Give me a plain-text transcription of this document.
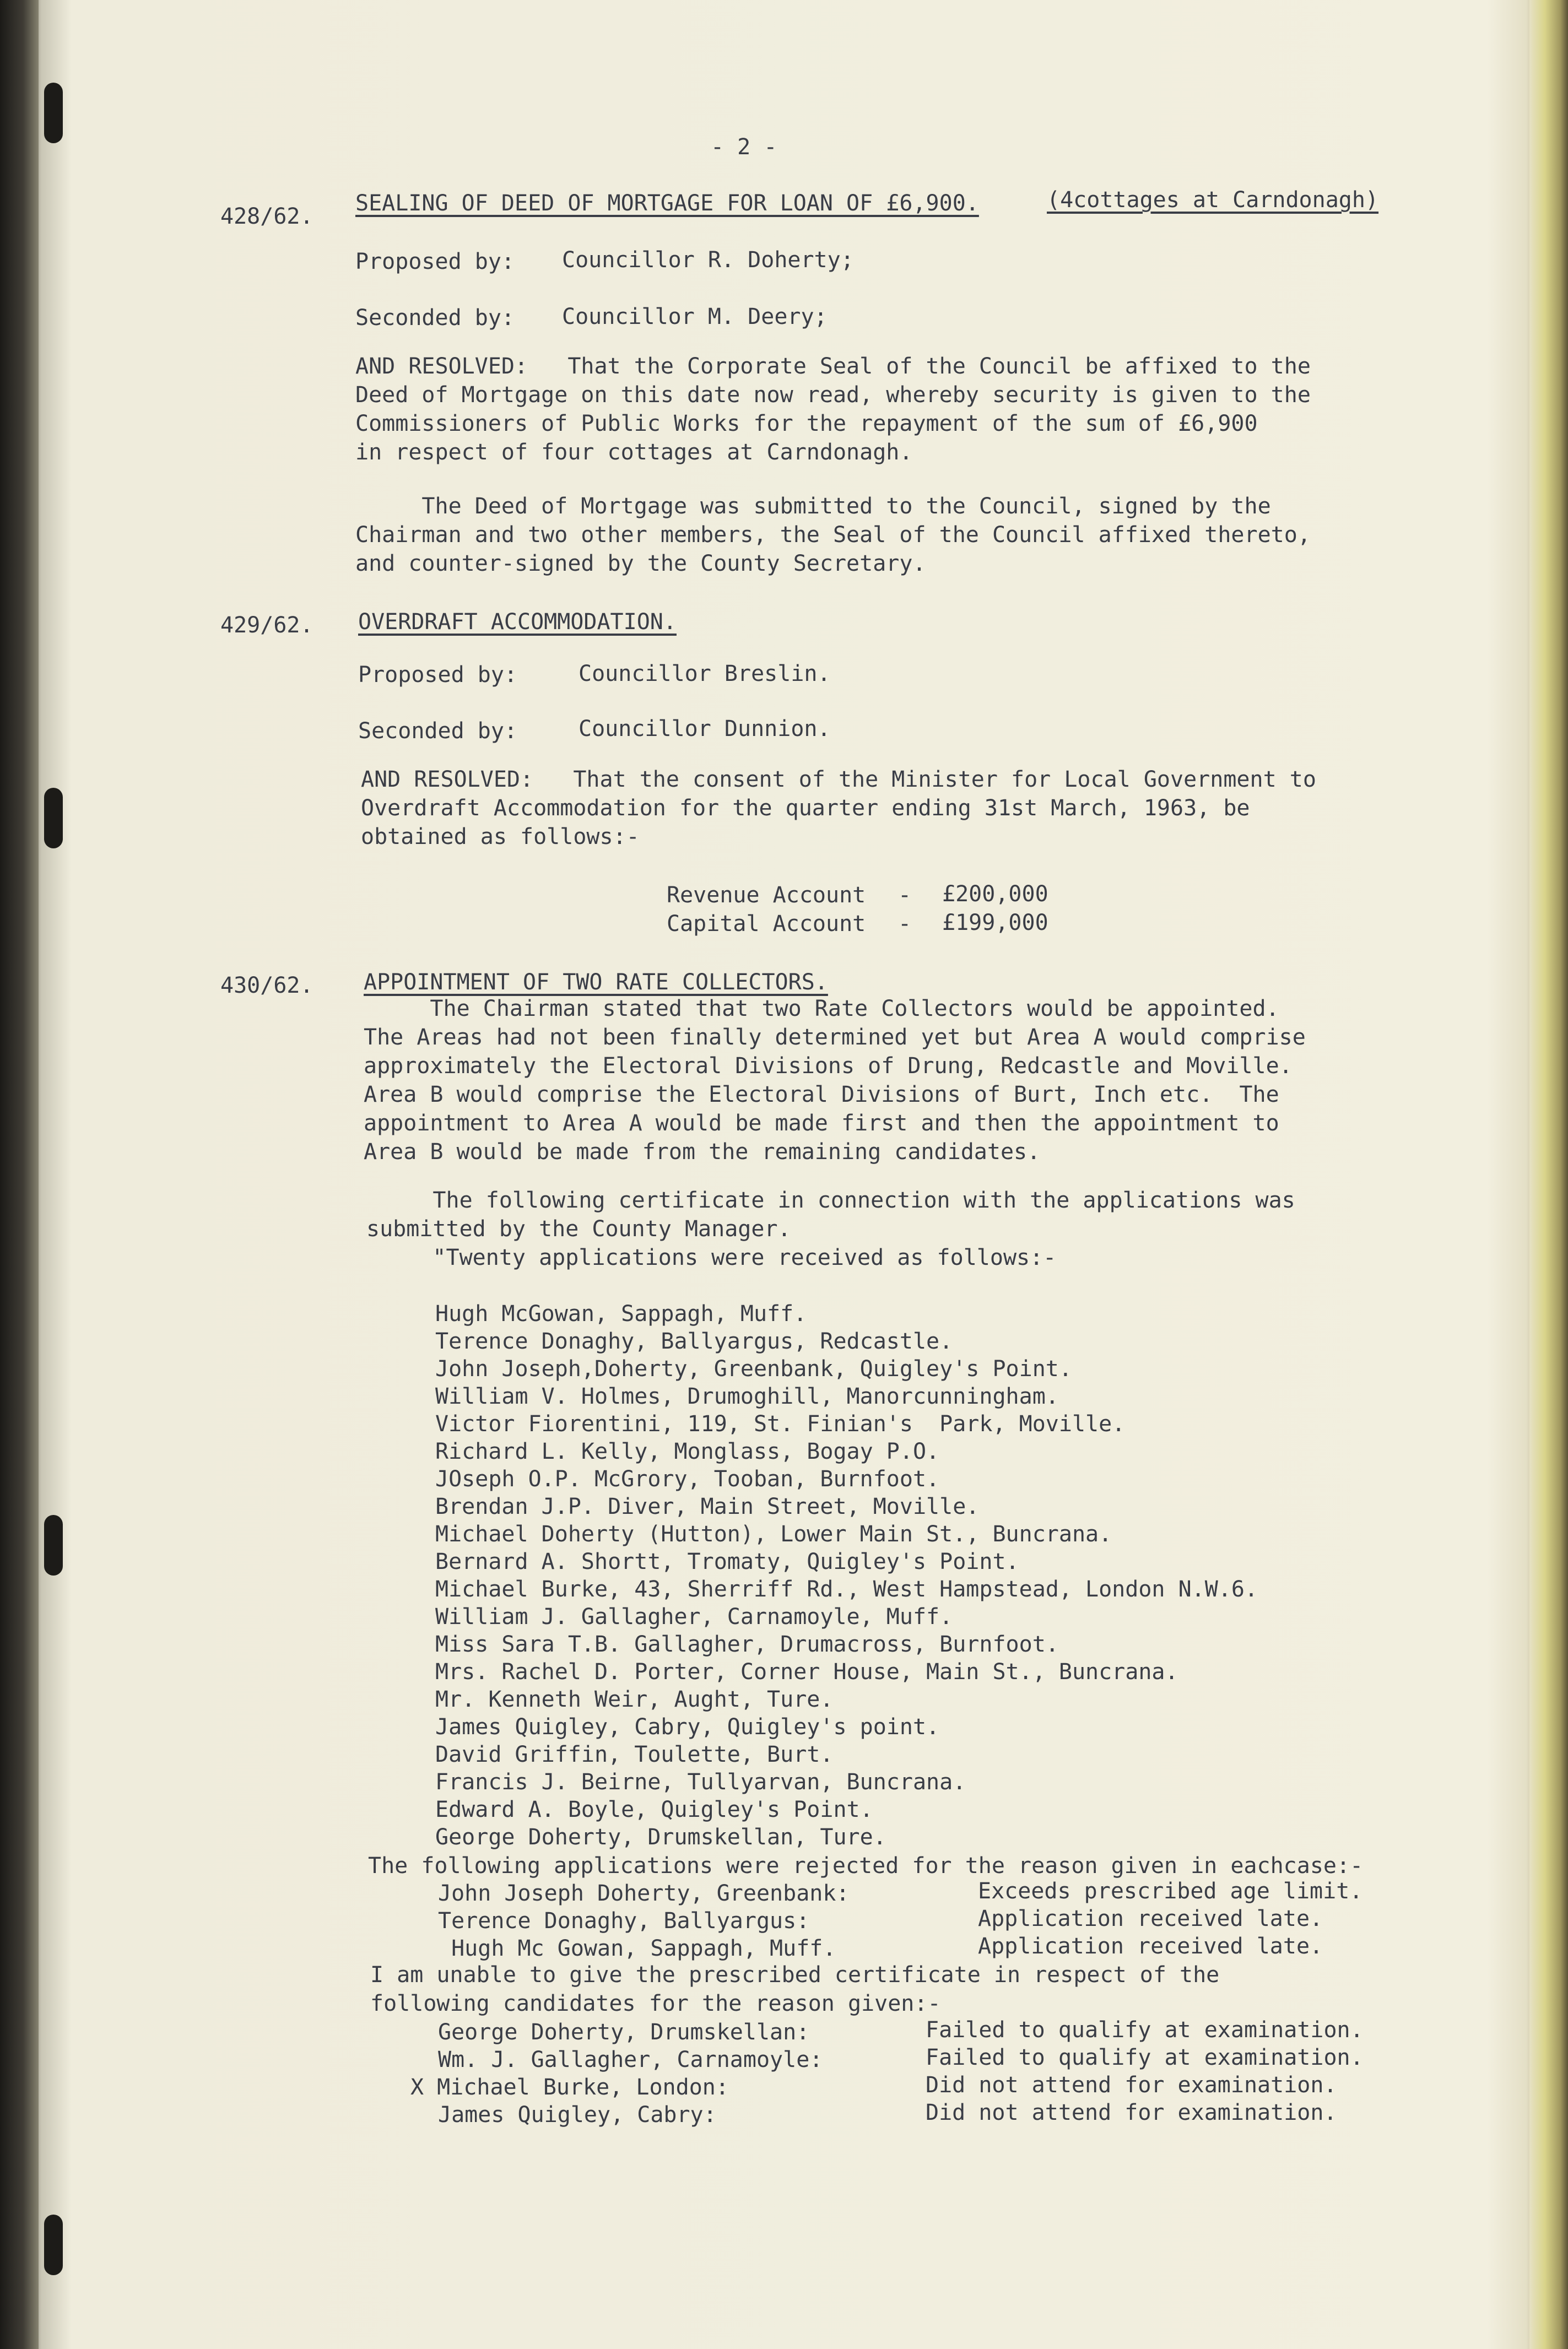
- 2 -
428/62.
SEALING OF DEED OF MORTGAGE FOR LOAN OF £6,900.	(4cottages at Carndonagh)
Proposed by: Councillor R. Doherty;
Seconded by: Councillor M. Deery;
AND RESOLVED:   That the Corporate Seal of the Council be affixed to the
Deed of Mortgage on this date now read, whereby security is given to the
Commissioners of Public Works for the repayment of the sum of £6,900
in respect of four cottages at Carndonagh.
The Deed of Mortgage was submitted to the Council, signed by the
Chairman and two other members, the Seal of the Council affixed thereto,
and counter-signed by the County Secretary.
429/62. OVERDRAFT ACCOMMODATION.
Proposed by:	Councillor Breslin.
Seconded by:	Councillor Dunnion.
AND RESOLVED:   That the consent of the Minister for Local Government to
Overdraft Accommodation for the quarter ending 31st March, 1963, be
obtained as follows:-
Revenue Account - £200,000
Capital Account - £199,000
430/62. APPOINTMENT OF TWO RATE COLLECTORS.
The Chairman stated that two Rate Collectors would be appointed.
The Areas had not been finally determined yet but Area A would comprise
approximately the Electoral Divisions of Drung, Redcastle and Moville.
Area B would comprise the Electoral Divisions of Burt, Inch etc.  The
appointment to Area A would be made first and then the appointment to
Area B would be made from the remaining candidates.
The following certificate in connection with the applications was
submitted by the County Manager.
"Twenty applications were received as follows:-
Hugh McGowan, Sappagh, Muff.
Terence Donaghy, Ballyargus, Redcastle.
John Joseph,Doherty, Greenbank, Quigley's Point.
William V. Holmes, Drumoghill, Manorcunningham.
Victor Fiorentini, 119, St. Finian's  Park, Moville.
Richard L. Kelly, Monglass, Bogay P.O.
JOseph O.P. McGrory, Tooban, Burnfoot.
Brendan J.P. Diver, Main Street, Moville.
Michael Doherty (Hutton), Lower Main St., Buncrana.
Bernard A. Shortt, Tromaty, Quigley's Point.
Michael Burke, 43, Sherriff Rd., West Hampstead, London N.W.6.
William J. Gallagher, Carnamoyle, Muff.
Miss Sara T.B. Gallagher, Drumacross, Burnfoot.
Mrs. Rachel D. Porter, Corner House, Main St., Buncrana.
Mr. Kenneth Weir, Aught, Ture.
James Quigley, Cabry, Quigley's point.
David Griffin, Toulette, Burt.
Francis J. Beirne, Tullyarvan, Buncrana.
Edward A. Boyle, Quigley's Point.
George Doherty, Drumskellan, Ture.
The following applications were rejected for the reason given in eachcase:-
John Joseph Doherty, Greenbank:	Exceeds prescribed age limit.
Terence Donaghy, Ballyargus:	Application received late.
Hugh Mc Gowan, Sappagh, Muff.	Application received late.
I am unable to give the prescribed certificate in respect of the
following candidates for the reason given:-
George Doherty, Drumskellan:	Failed to qualify at examination.
Wm. J. Gallagher, Carnamoyle:	Failed to qualify at examination.
X Michael Burke, London:	Did not attend for examination.
James Quigley, Cabry:	Did not attend for examination.
